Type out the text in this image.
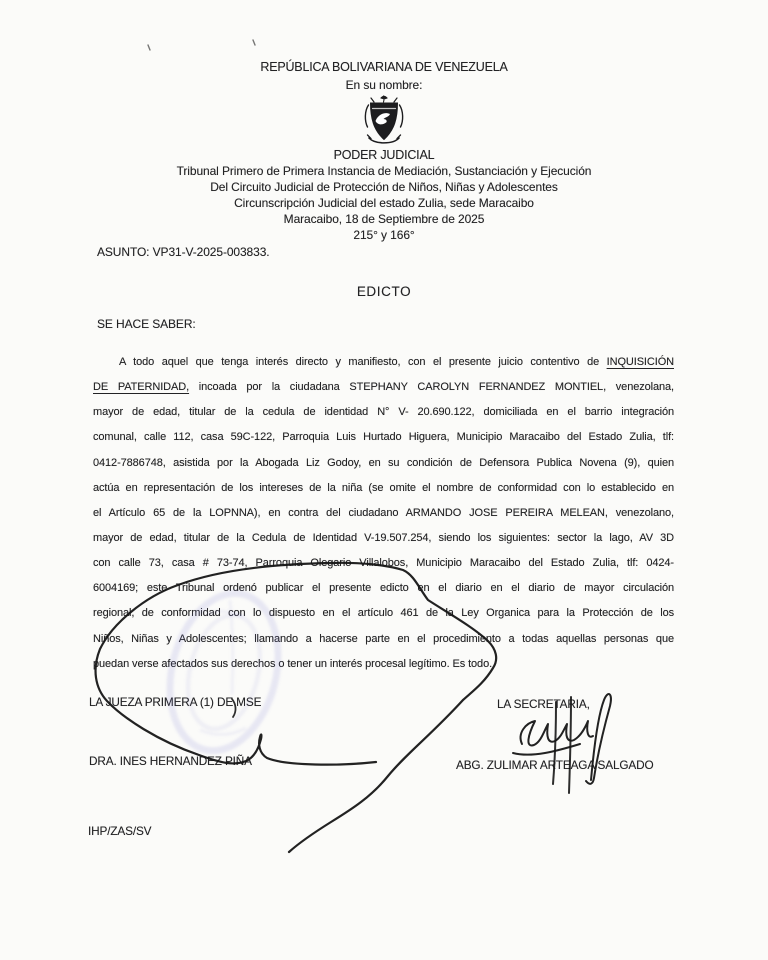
REPÚBLICA BOLIVARIANA DE VENEZUELA
En su nombre:
PODER JUDICIAL
Tribunal Primero de Primera Instancia de Mediación, Sustanciación y Ejecución
Del Circuito Judicial de Protección de Niños, Niñas y Adolescentes
Circunscripción Judicial del estado Zulia, sede Maracaibo
Maracaibo, 18 de Septiembre de 2025
215° y 166°
ASUNTO: VP31-V-2025-003833.
EDICTO
SE HACE SABER:
A todo aquel que tenga interés directo y manifiesto, con el presente juicio contentivo de INQUISICIÓN
DE PATERNIDAD, incoada por la ciudadana STEPHANY CAROLYN FERNANDEZ MONTIEL, venezolana,
mayor de edad, titular de la cedula de identidad N° V- 20.690.122, domiciliada en el barrio integración
comunal, calle 112, casa 59C-122, Parroquia Luis Hurtado Higuera, Municipio Maracaibo del Estado Zulia, tlf:
0412-7886748, asistida por la Abogada Liz Godoy, en su condición de Defensora Publica Novena (9), quien
actúa en representación de los intereses de la niña (se omite el nombre de conformidad con lo establecido en
el Artículo 65 de la LOPNNA), en contra del ciudadano ARMANDO JOSE PEREIRA MELEAN, venezolano,
mayor de edad, titular de la Cedula de Identidad V-19.507.254, siendo los siguientes: sector la lago, AV 3D
con calle 73, casa # 73-74, Parroquia Olegario Villalobos, Municipio Maracaibo del Estado Zulia, tlf: 0424-
6004169; este Tribunal ordenó publicar el presente edicto en el diario en el diario de mayor circulación
regional, de conformidad con lo dispuesto en el artículo 461 de la Ley Organica para la Protección de los
Niños, Niñas y Adolescentes; llamando a hacerse parte en el procedimiento a todas aquellas personas que
puedan verse afectados sus derechos o tener un interés procesal legítimo. Es todo.
LA JUEZA PRIMERA (1) DE MSE	LA SECRETARIA,
DRA. INES HERNANDEZ PIÑA	ABG. ZULIMAR ARTEAGA SALGADO
IHP/ZAS/SV
